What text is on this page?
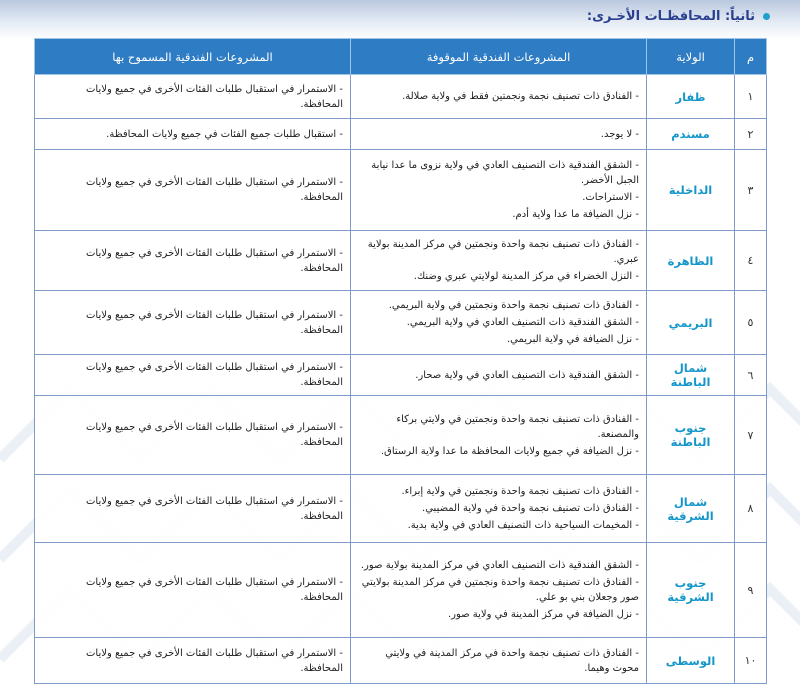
ثانياً: المحافظـات الأخـرى:
م	الولاية	المشروعات الفندقية الموقوفة	المشروعات الفندقية المسموح بها
١	ظفار	- الفنادق ذات تصنيف نجمة ونجمتين فقط في ولاية صلالة.	- الاستمرار في استقبال طلبات الفئات الأخرى في جميع ولايات المحافظة.

٢	مسندم	- لا يوجد.	- استقبال طلبات جميع الفئات في جميع ولايات المحافظة.

٣	الداخلية	- الشقق الفندقية ذات التصنيف العادي في ولاية نزوى ما عدا نيابة الجبل الأخضر.
- الاستراحات.
- نزل الضيافة ما عدا ولاية أدم.	- الاستمرار في استقبال طلبات الفئات الأخرى في جميع ولايات المحافظة.

٤	الظاهرة	- الفنادق ذات تصنيف نجمة واحدة ونجمتين في مركز المدينة بولاية عبري.
- النزل الخضراء في مركز المدينة لولايتي عبري وضنك.	- الاستمرار في استقبال طلبات الفئات الأخرى في جميع ولايات المحافظة.

٥	البريمي	- الفنادق ذات تصنيف نجمة واحدة ونجمتين في ولاية البريمي.
- الشقق الفندقية ذات التصنيف العادي في ولاية البريمي.
- نزل الضيافة في ولاية البريمي.	- الاستمرار في استقبال طلبات الفئات الأخرى في جميع ولايات المحافظة.

٦	شمال الباطنة	- الشقق الفندقية ذات التصنيف العادي في ولاية صحار.	- الاستمرار في استقبال طلبات الفئات الأخرى في جميع ولايات المحافظة.

٧	جنوب الباطنة	- الفنادق ذات تصنيف نجمة واحدة ونجمتين في ولايتي بركاء والمصنعة.
- نزل الضيافة في جميع ولايات المحافظة ما عدا ولاية الرستاق.	- الاستمرار في استقبال طلبات الفئات الأخرى في جميع ولايات المحافظة.

٨	شمال الشرقية	- الفنادق ذات تصنيف نجمة واحدة ونجمتين في ولاية إبراء.
- الفنادق ذات تصنيف نجمة واحدة في ولاية المضيبي.
- المخيمات السياحية ذات التصنيف العادي في ولاية بدية.	- الاستمرار في استقبال طلبات الفئات الأخرى في جميع ولايات المحافظة.

٩	جنوب الشرقية	- الشقق الفندقية ذات التصنيف العادي في مركز المدينة بولاية صور.
- الفنادق ذات تصنيف نجمة واحدة ونجمتين في مركز المدينة بولايتي صور وجعلان بني بو علي.
- نزل الضيافة في مركز المدينة في ولاية صور.	- الاستمرار في استقبال طلبات الفئات الأخرى في جميع ولايات المحافظة.

١٠	الوسطى	- الفنادق ذات تصنيف نجمة واحدة في مركز المدينة في ولايتي محوت وهيما.	- الاستمرار في استقبال طلبات الفئات الأخرى في جميع ولايات المحافظة.
